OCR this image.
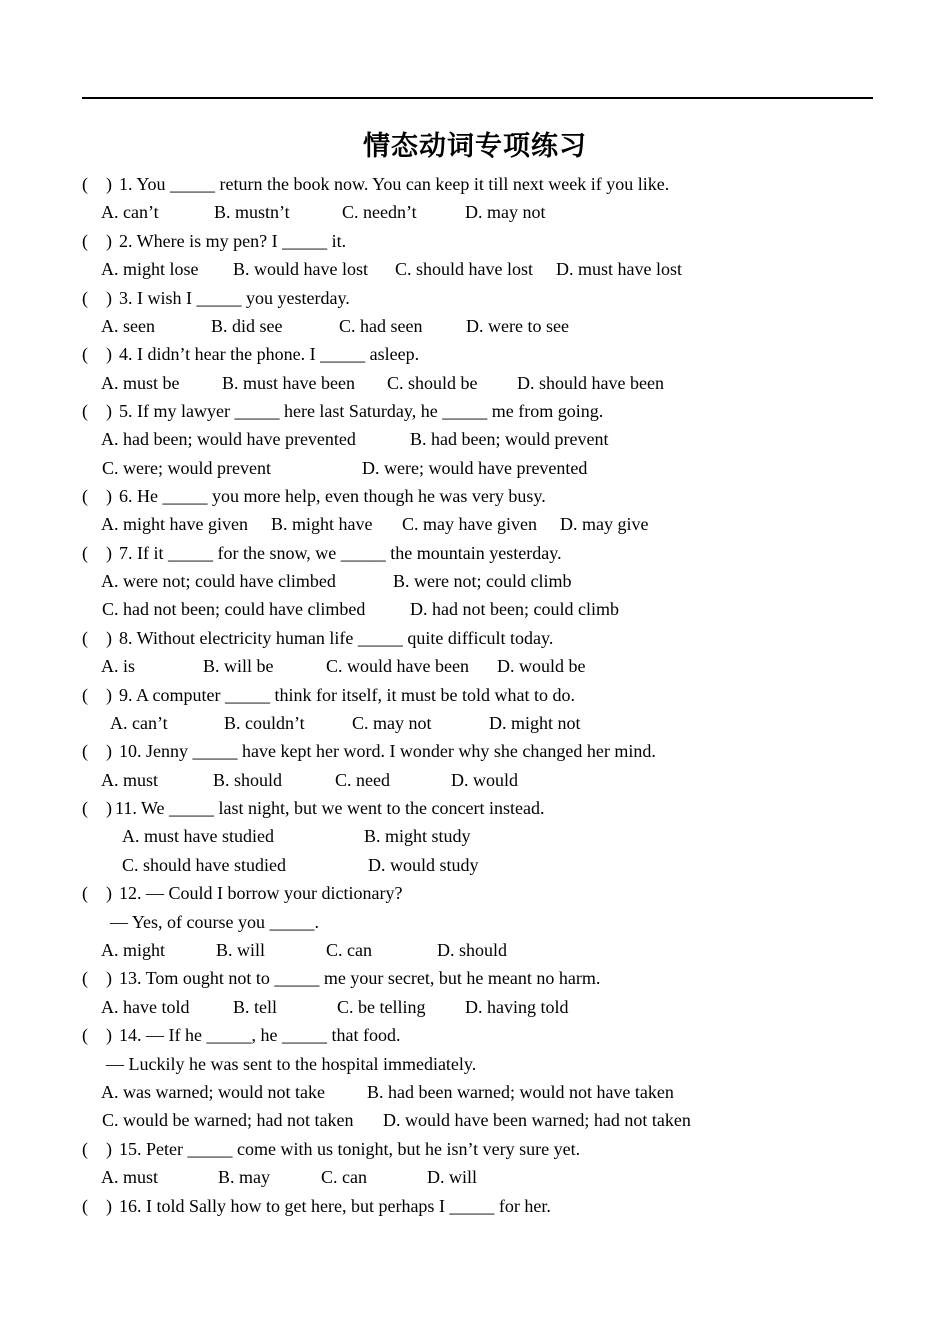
情态动词专项练习

(    )

1. You _____ return the book now. You can keep it till next week if you like.

A. can’t

	B. mustn’t

	C. needn’t

	D. may not

(    )

2. Where is my pen? I _____ it.

A. might lose

B. would have lost

C. should have lost

D. must have lost

(    )

3. I wish I _____ you yesterday.

A. seen

	B. did see

	C. had seen

D. were to see

(    )

4. I didn’t hear the phone. I _____ asleep.

A. must be

B. must have been

C. should be

D. should have been

(    )

5. If my lawyer _____ here last Saturday, he _____ me from going.

A. had been; would have prevented

	B. had been; would prevent

C. were; would prevent

	D. were; would have prevented

(    )

6. He _____ you more help, even though he was very busy.

A. might have given

B. might have

C. may have given

D. may give

(    )

7. If it _____ for the snow, we _____ the mountain yesterday.

A. were not; could have climbed

	B. were not; could climb

C. had not been; could have climbed

D. had not been; could climb

(    )

8. Without electricity human life _____ quite difficult today.

A. is

	B. will be

	C. would have been

D. would be

(    )

9. A computer _____ think for itself, it must be told what to do.

A. can’t

	B. couldn’t

	C. may not

	D. might not

(    )

10. Jenny _____ have kept her word. I wonder why she changed her mind.

A. must

	B. should

	C. need

	D. would

(    )

11. We _____ last night, but we went to the concert instead.

A. must have studied

	B. might study

C. should have studied

	D. would study

(    )

12. — Could I borrow your dictionary?

— Yes, of course you _____.

A. might

	B. will

	C. can

	D. should

(    )

13. Tom ought not to _____ me your secret, but he meant no harm.

A. have told

B. tell

	C. be telling

D. having told

(    )

14. — If he _____, he _____ that food.

— Luckily he was sent to the hospital immediately.

A. was warned; would not take

B. had been warned; would not have taken

C. would be warned; had not taken

D. would have been warned; had not taken

(    )

15. Peter _____ come with us tonight, but he isn’t very sure yet.

A. must

	B. may

	C. can

	D. will

(    )

16. I told Sally how to get here, but perhaps I _____ for her.
